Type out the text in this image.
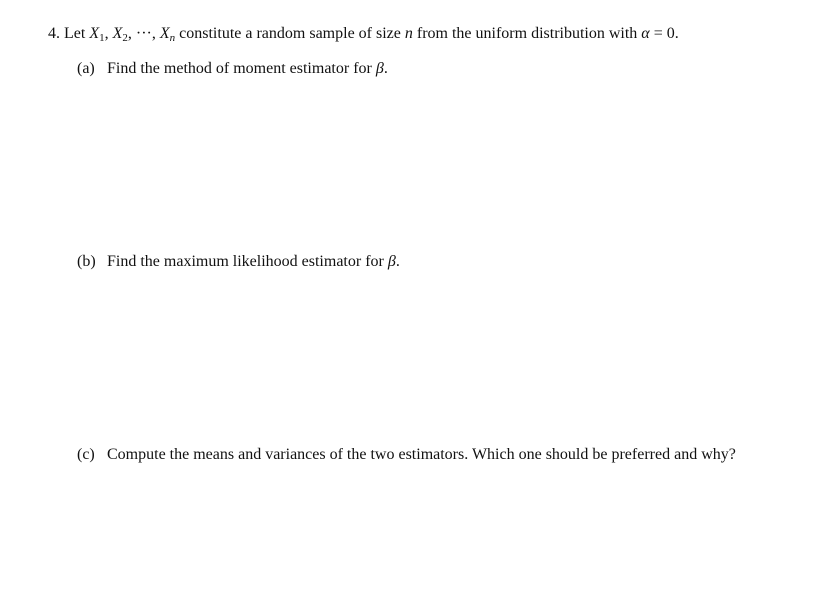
4. Let $X_1$, $X_2$, ···, $X_n$ constitute a random sample of size n from the uniform distribution with α = 0.
(a) Find the method of moment estimator for β.
(b) Find the maximum likelihood estimator for β.
(c) Compute the means and variances of the two estimators. Which one should be preferred and why?
